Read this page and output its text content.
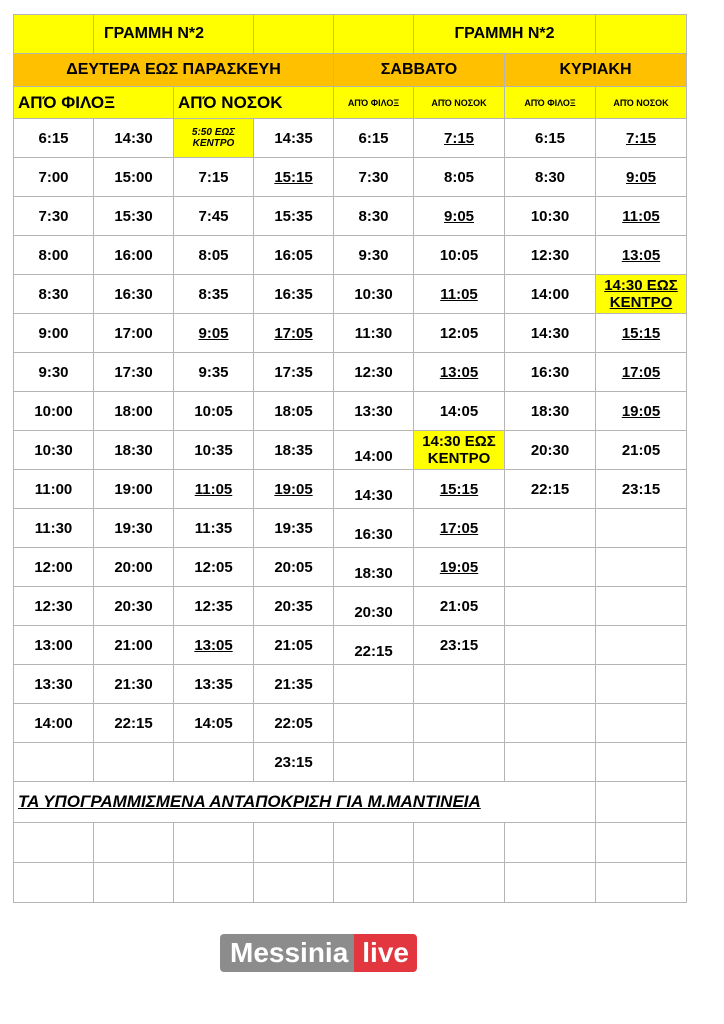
	ΓΡΑΜΜΗ Ν*2				ΓΡΑΜΜΗ Ν*2		
ΔΕΥΤΕΡΑ ΕΩΣ ΠΑΡΑΣΚΕΥΗ				ΣΑΒΒΑΤΟ		ΚΥΡΙΑΚΗ	
ΑΠΌ ΦΙΛΟΞ		ΑΠΌ ΝΟΣΟΚ		ΑΠΌ ΦΙΛΟΞ	ΑΠΌ ΝΟΣΟΚ	ΑΠΌ ΦΙΛΟΞ	ΑΠΌ ΝΟΣΟΚ
6:15	14:30	5:50 ΕΩΣ ΚΕΝΤΡΟ	14:35	6:15	7:15	6:15	7:15
7:00	15:00	7:15	15:15	7:30	8:05	8:30	9:05
7:30	15:30	7:45	15:35	8:30	9:05	10:30	11:05
8:00	16:00	8:05	16:05	9:30	10:05	12:30	13:05
8:30	16:30	8:35	16:35	10:30	11:05	14:00	14:30 ΕΩΣ ΚΕΝΤΡΟ
9:00	17:00	9:05	17:05	11:30	12:05	14:30	15:15
9:30	17:30	9:35	17:35	12:30	13:05	16:30	17:05
10:00	18:00	10:05	18:05	13:30	14:05	18:30	19:05
10:30	18:30	10:35	18:35	14:00	14:30 ΕΩΣ ΚΕΝΤΡΟ	20:30	21:05
11:00	19:00	11:05	19:05	14:30	15:15	22:15	23:15
11:30	19:30	11:35	19:35	16:30	17:05		
12:00	20:00	12:05	20:05	18:30	19:05		
12:30	20:30	12:35	20:35	20:30	21:05		
13:00	21:00	13:05	21:05	22:15	23:15		
13:30	21:30	13:35	21:35				
14:00	22:15	14:05	22:05				
			23:15				
ΤΑ ΥΠΟΓΡΑΜΜΙΣΜΕΝΑ ΑΝΤΑΠΟΚΡΙΣΗ ΓΙΑ Μ.ΜΑΝΤΙΝΕΙΑ							

Messinia live
